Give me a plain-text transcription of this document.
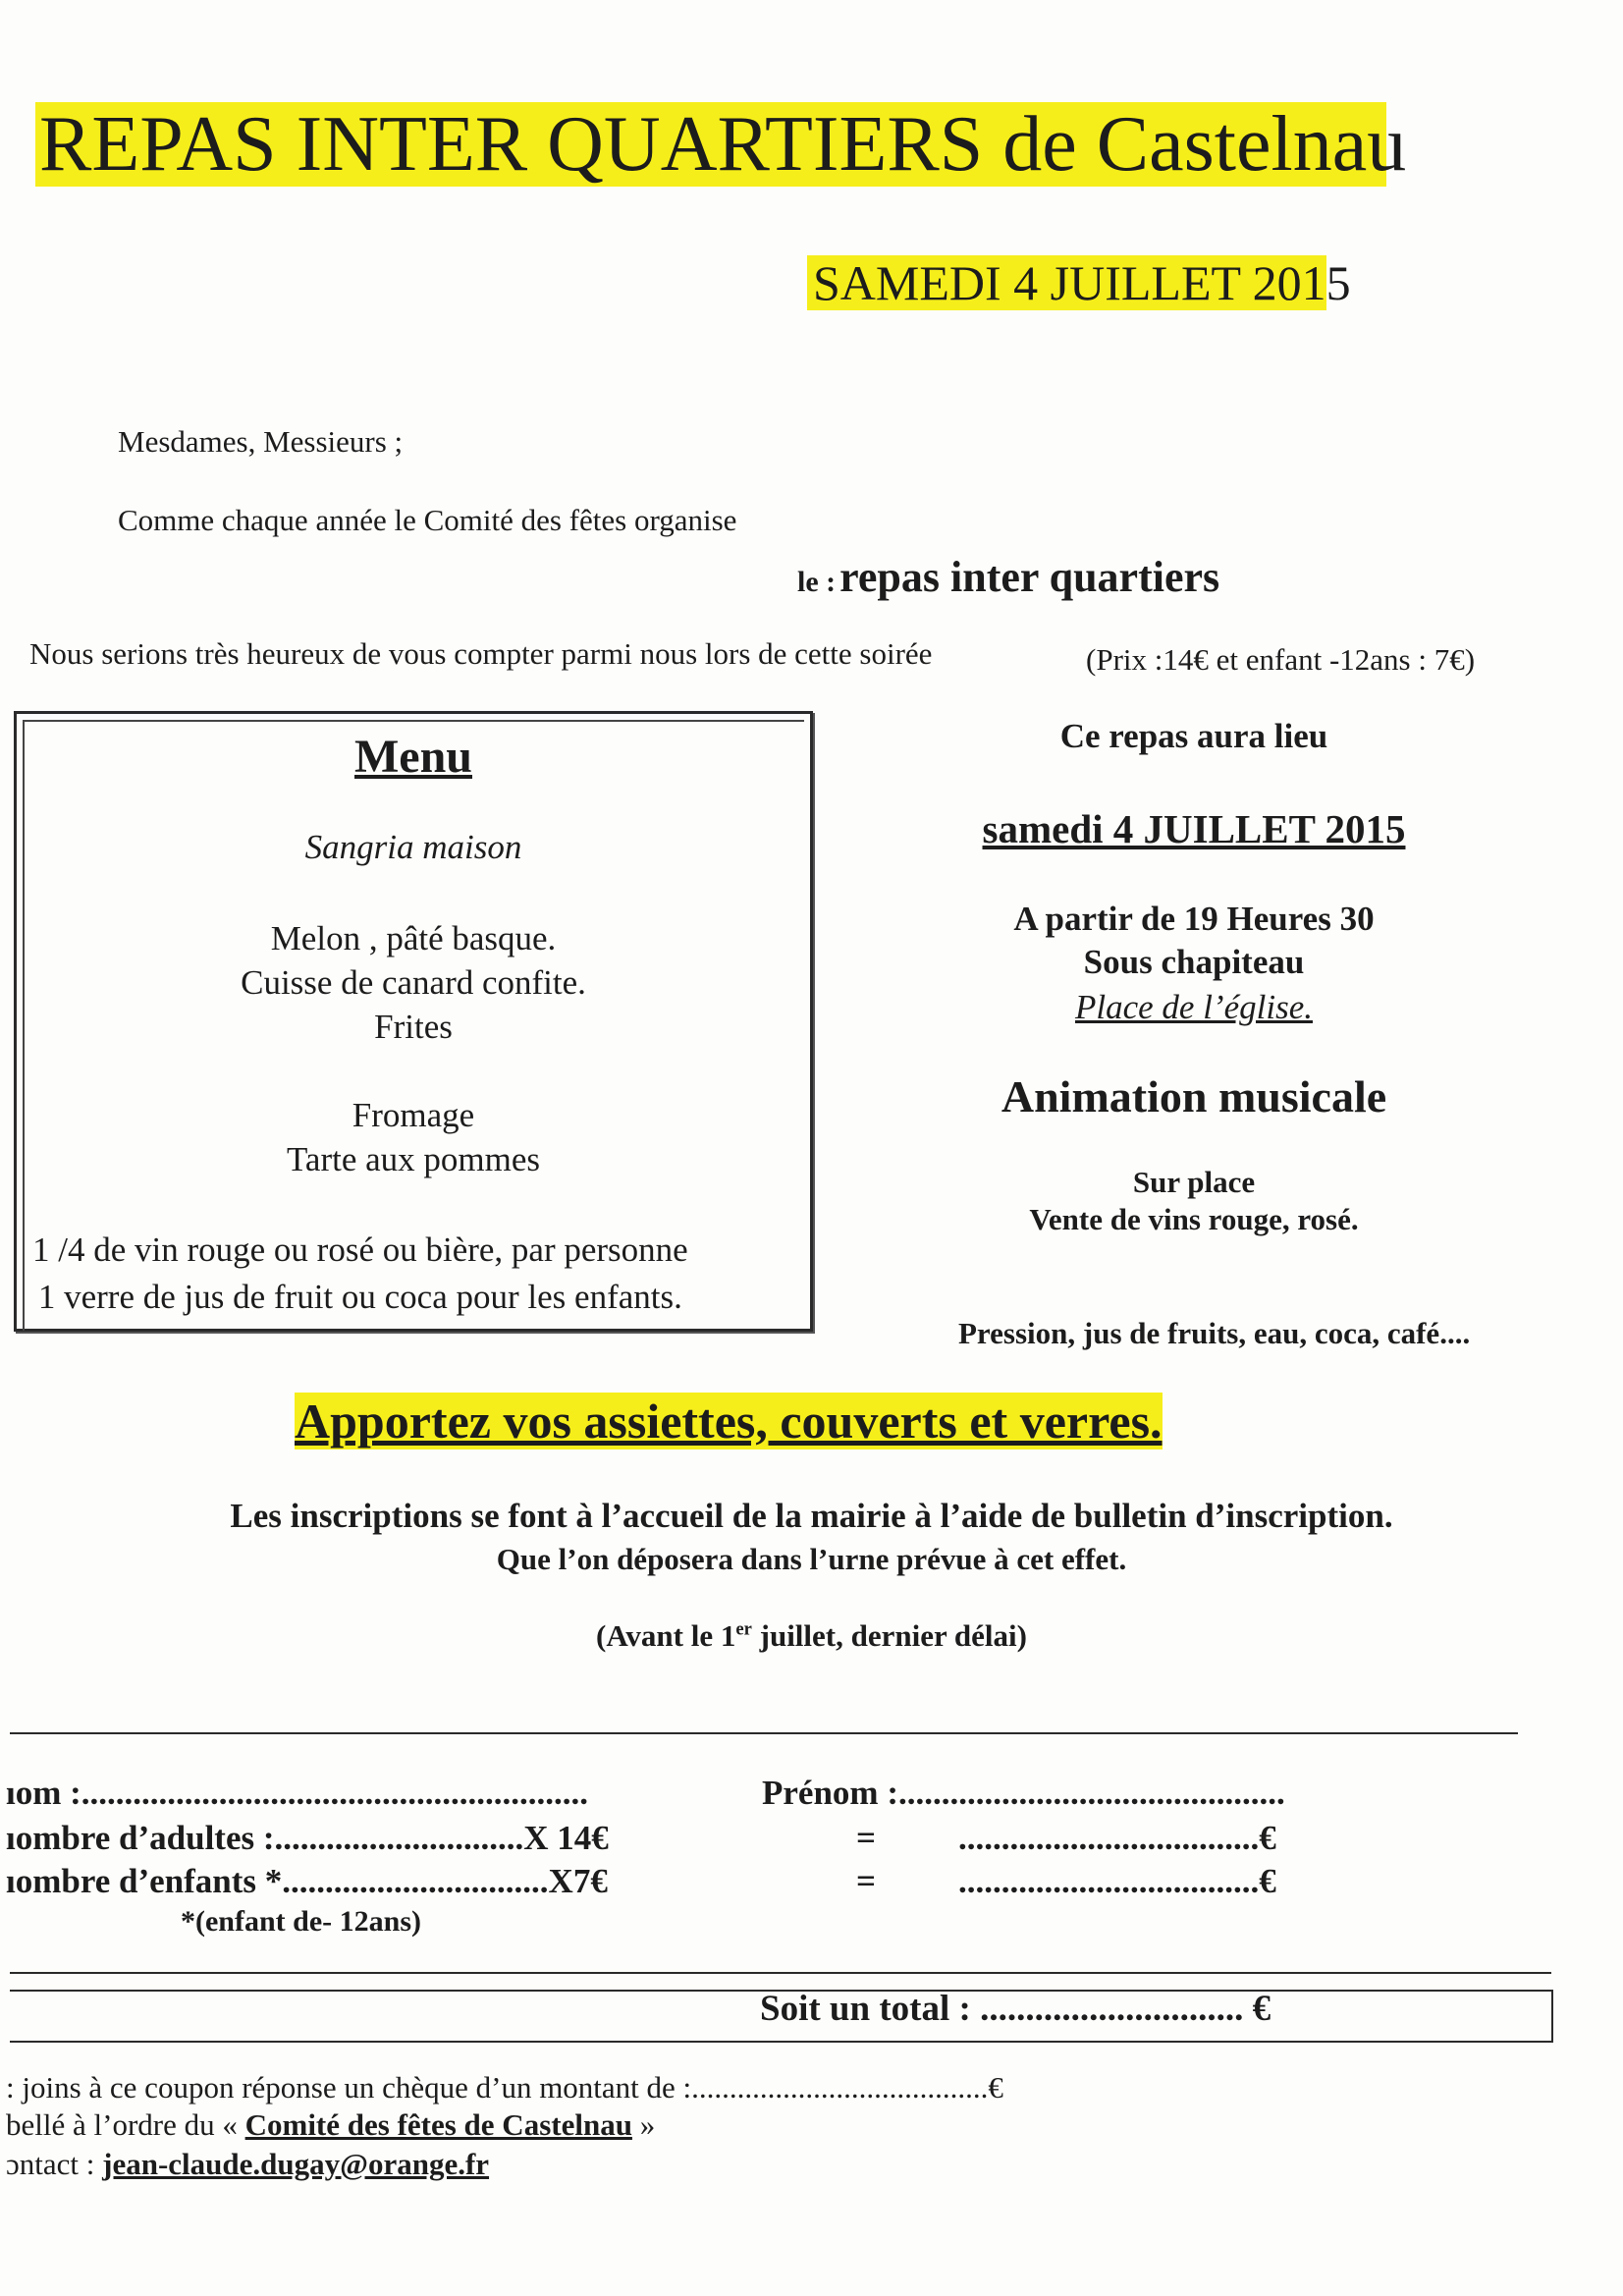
REPAS INTER QUARTIERS de Castelnau
SAMEDI 4 JUILLET 2015
Mesdames, Messieurs ;
Comme chaque année le Comité des fêtes organise
le : repas inter quartiers
Nous serions très heureux de vous compter parmi nous lors de cette soirée	(Prix :14€ et enfant -12ans : 7€)
Menu
Sangria maison
Melon , pâté basque.
Cuisse de canard confite.
Frites
Fromage
Tarte aux pommes
1 /4 de vin rouge ou rosé ou bière, par personne
1 verre de jus de fruit ou coca pour les enfants.
Ce repas aura lieu
samedi 4 JUILLET 2015
A partir de 19 Heures 30
Sous chapiteau
Place de l’église.
Animation musicale
Sur place
Vente de vins rouge, rosé.
Pression, jus de fruits, eau, coca, café....
Apportez vos assiettes, couverts et verres.
Les inscriptions se font à l’accueil de la mairie à l’aide de bulletin d’inscription.
Que l’on déposera dans l’urne prévue à cet effet.
(Avant le 1er juillet, dernier délai)
ıom :...........................................................	Prénom :.............................................
ıombre d’adultes :.............................X 14€
ıombre d’enfants *...............................X7€
=
=
...................................€
...................................€
*(enfant de- 12ans)
Soit un total : ............................. €
: joins à ce coupon réponse un chèque d’un montant de :.......................................€
bellé à l’ordre du « Comité des fêtes de Castelnau »
ɔntact : jean-claude.dugay@orange.fr
